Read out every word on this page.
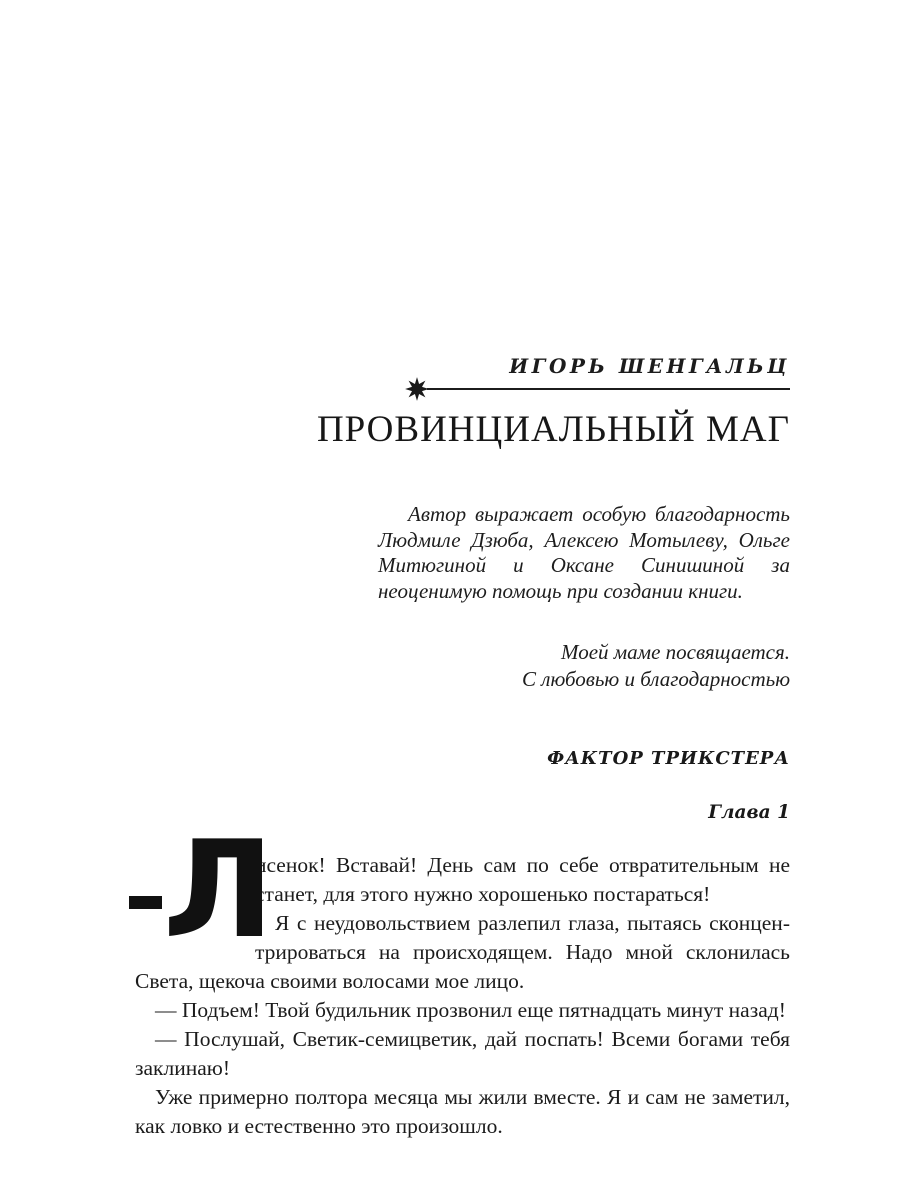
ИГОРЬ ШЕНГАЛЬЦ
ПРОВИНЦИАЛЬНЫЙ МАГ

Автор выражает особую благодарность Людмиле Дзюба, Алексею Мотылеву, Ольге Митюгиной и Оксане Синишиной за неоценимую помощь при создании книги.

Моей маме посвящается.
С любовью и благодарностью
ФАКТОР ТРИКСТЕРА
Глава 1
Л

исенок! Вставай! День сам по себе отвратительным не станет, для этого нужно хорошенько постараться!

Я с неудовольствием разлепил глаза, пытаясь сконцентрироваться на происходящем. Надо мной склонилась Света, щекоча своими волосами мое лицо.

— Подъем! Твой будильник прозвонил еще пятнадцать минут назад!

— Послушай, Светик-семицветик, дай поспать! Всеми богами тебя заклинаю!

Уже примерно полтора месяца мы жили вместе. Я и сам не заметил, как ловко и естественно это произошло.
